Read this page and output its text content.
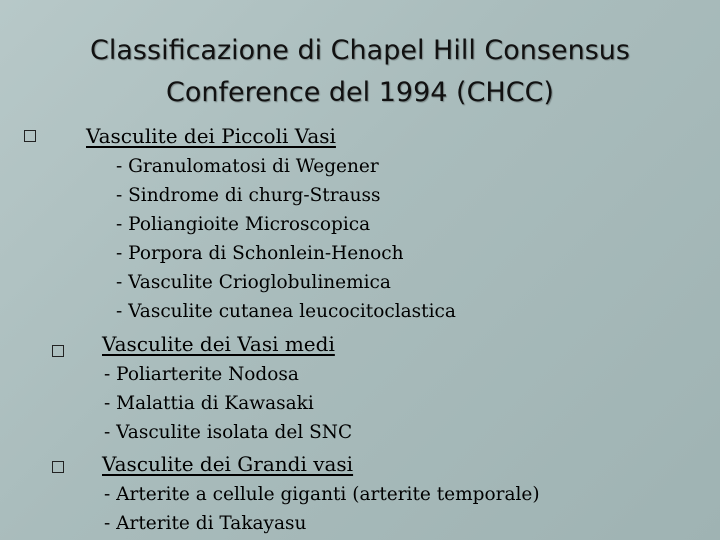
Classificazione di Chapel Hill Consensus
Conference del 1994 (CHCC)
Vasculite dei Piccoli Vasi
- Granulomatosi di Wegener
- Sindrome di churg-Strauss
- Poliangioite Microscopica
- Porpora di Schonlein-Henoch
- Vasculite Crioglobulinemica
- Vasculite cutanea leucocitoclastica
Vasculite dei Vasi medi
- Poliarterite Nodosa
- Malattia di Kawasaki
- Vasculite isolata del SNC
Vasculite dei Grandi vasi
- Arterite a cellule giganti (arterite temporale)
- Arterite di Takayasu
